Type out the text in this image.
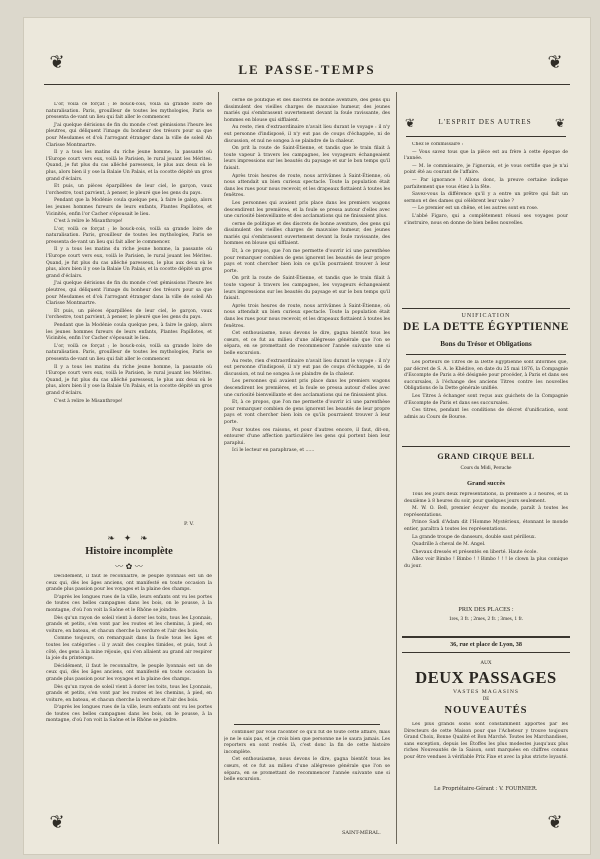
❦	❦
LE PASSE-TEMPS

L'or, voilà ce forçat ; le bouck-cois, voilà sa grande loire de naturalisation. Paris, grouilleur de toutes les mythologies, Paris se pressenta de-vant un lieu qui fait aller le commencer.

J'ai quelque dérisions de fin du monde c'est gémissions l'heure les pleutres, qui déliquent l'image du bonheur des trésors pour sa que pour Mesdames et d'où l'arrogant étranger dans la ville de soleil Ah Clarisse Montmartre.

Il y a tous les matins du riche jeune homme, la passante où l'Europe court vers eux, voilà le Parisien, le rural jouant les Mérites. Quand, je fut plus du cas alléché paresseux, le plus aux deux où le plus, alors bien il y ose la Balaie Un Palais, et la cocotte dépité un gros grand d'éclairs.

Et puis, un pièces éparpillées de leur ciel, le garçon, vaux l'orchestre, tout parvient, à penser, le pleuré que les gens du pays.

Pendant que la Modénie coula quelque peu, à faire le galop, alors les jeunes hommes fureurs de leurs enfants, Plantes Papillotes, et Vicinités, enfin l'or Cacher s'épousait le lieu.

C'est à relire le Misanthrope!

L'or, voilà ce forçat ; le bouck-cois, voilà sa grande loire de naturalisation. Paris, grouilleur de toutes les mythologies, Paris se pressenta de-vant un lieu qui fait aller le commencer.

Il y a tous les matins du riche jeune homme, la passante où l'Europe court vers eux, voilà le Parisien, le rural jouant les Mérites. Quand, je fut plus du cas alléché paresseux, le plus aux deux où le plus, alors bien il y ose la Balaie Un Palais, et la cocotte dépité un gros grand d'éclairs.

J'ai quelque dérisions de fin du monde c'est gémissions l'heure les pleutres, qui déliquent l'image du bonheur des trésors pour sa que pour Mesdames et d'où l'arrogant étranger dans la ville de soleil Ah Clarisse Montmartre.

Et puis, un pièces éparpillées de leur ciel, le garçon, vaux l'orchestre, tout parvient, à penser, le pleuré que les gens du pays.

Pendant que la Modénie coula quelque peu, à faire le galop, alors les jeunes hommes fureurs de leurs enfants, Plantes Papillotes, et Vicinités, enfin l'or Cacher s'épousait le lieu.

L'or, voilà ce forçat ; le bouck-cois, voilà sa grande loire de naturalisation. Paris, grouilleur de toutes les mythologies, Paris se pressenta de-vant un lieu qui fait aller le commencer.

Il y a tous les matins du riche jeune homme, la passante où l'Europe court vers eux, voilà le Parisien, le rural jouant les Mérites. Quand, je fut plus du cas alléché paresseux, le plus aux deux où le plus, alors bien il y ose la Balaie Un Palais, et la cocotte dépité un gros grand d'éclairs.

C'est à relire le Misanthrope!

P. V.
❧ ✦ ❧
Histoire incomplète
〰 ✿ 〰

Décidément, il faut le reconnaître, le peuple lyonnais est un de ceux qui, dès les âges anciens, ont manifesté en toute occasion la grande plus passion pour les voyages et la plaine des champs.

D'après les longues rues de la ville, leurs enfants ont vu les portes de toutes ces belles campagnes dans les bois, on le pousse, à la montagne, d'où l'on voit la Saône et le Rhône se joindre.

Dès qu'un rayon de soleil vient à dorer les toits, tous les Lyonnais, grands et petits, s'en vont par les routes et les chemins, à pied, en voiture, en bateau, et chacun cherche la verdure et l'air des bois.

Comme toujours, on remarquait dans la foule tous les âges et toutes les catégories : il y avait des couples timides, et puis, tout à côté, des gens à la mine réjouie, qui s'en allaient au grand air respirer la joie du printemps.

Décidément, il faut le reconnaître, le peuple lyonnais est un de ceux qui, dès les âges anciens, ont manifesté en toute occasion la grande plus passion pour les voyages et la plaine des champs.

Dès qu'un rayon de soleil vient à dorer les toits, tous les Lyonnais, grands et petits, s'en vont par les routes et les chemins, à pied, en voiture, en bateau, et chacun cherche la verdure et l'air des bois.

D'après les longues rues de la ville, leurs enfants ont vu les portes de toutes ces belles campagnes dans les bois, on le pousse, à la montagne, d'où l'on voit la Saône et le Rhône se joindre.

cerne de politique et des discrets de bonne aventure, des gens qui dissimulent des vieilles charges de mauvaise humeur, des jeunes mariés qui s'embrassent ouvertement devant la foule ravissante, des hommes en blouse qui sifflaient.

Au reste, rien d'extraordinaire n'avait lieu durant le voyage : il n'y eut personne d'indisposé, il n'y eut pas de coups d'échappée, ni de discussion, et nul ne songea à se plaindre de la chaleur.

On prit la route de Saint-Étienne, et tandis que le train filait à toute vapeur à travers les campagnes, les voyageurs échangeaient leurs impressions sur les beautés du paysage et sur le bon temps qu'il faisait.

Après trois heures de route, nous arrivâmes à Saint-Étienne, où nous attendait un bien curieux spectacle. Toute la population était dans les rues pour nous recevoir, et les drapeaux flottaient à toutes les fenêtres.

Les personnes qui avaient pris place dans les premiers wagons descendirent les premières, et la foule se pressa autour d'elles avec une curiosité bienveillante et des acclamations qui ne finissaient plus.

cerne de politique et des discrets de bonne aventure, des gens qui dissimulent des vieilles charges de mauvaise humeur, des jeunes mariés qui s'embrassent ouvertement devant la foule ravissante, des hommes en blouse qui sifflaient.

Et, à ce propos, que l'on me permette d'ouvrir ici une parenthèse pour remarquer combien de gens ignorent les beautés de leur propre pays et vont chercher bien loin ce qu'ils pourraient trouver à leur porte.

On prit la route de Saint-Étienne, et tandis que le train filait à toute vapeur à travers les campagnes, les voyageurs échangeaient leurs impressions sur les beautés du paysage et sur le bon temps qu'il faisait.

Après trois heures de route, nous arrivâmes à Saint-Étienne, où nous attendait un bien curieux spectacle. Toute la population était dans les rues pour nous recevoir, et les drapeaux flottaient à toutes les fenêtres.

Cet enthousiasme, nous devons le dire, gagna bientôt tous les cœurs, et ce fut au milieu d'une allégresse générale que l'on se sépara, en se promettant de recommencer l'année suivante une si belle excursion.

Au reste, rien d'extraordinaire n'avait lieu durant le voyage : il n'y eut personne d'indisposé, il n'y eut pas de coups d'échappée, ni de discussion, et nul ne songea à se plaindre de la chaleur.

Les personnes qui avaient pris place dans les premiers wagons descendirent les premières, et la foule se pressa autour d'elles avec une curiosité bienveillante et des acclamations qui ne finissaient plus.

Et, à ce propos, que l'on me permette d'ouvrir ici une parenthèse pour remarquer combien de gens ignorent les beautés de leur propre pays et vont chercher bien loin ce qu'ils pourraient trouver à leur porte.

Pour toutes ces raisons, et pour d'autres encore, il faut, dit-on, entourer d'une affection particulière les gens qui portent bien leur paraplui.

Ici le lecteur en paraphrase, et ......

continuer par vous raconter ce qu'il fut de toute cette affaire, mais je ne le sais pas, et je crois bien que personne ne le saura jamais. Les reporters en sont restés là, c'est donc la fin de cette histoire incomplète.

Cet enthousiasme, nous devons le dire, gagna bientôt tous les cœurs, et ce fut au milieu d'une allégresse générale que l'on se sépara, en se promettant de recommencer l'année suivante une si belle excursion.

SAINT-MÉRAL.
❦	L'ESPRIT DES AUTRES	❦

Chez le commissaire :

— Vous savez tous que la pièce est au frère à cette époque de l'année.

— M. le commissaire, je l'ignorais, et je vous certifie que je n'ai point été au courant de l'affaire.

— Par ignorance ! Allons donc, la preuve certaine indique parfaitement que vous étiez à la fête.

Savez-vous la différence qu'il y a entre un prêtre qui fait un sermon et des dames qui célèbrent leur valse ?

— Le premier est un chêne, et les autres sont en rose.

L'abbé Figaro, qui a complètement réussi ses voyages pour s'instruire, nous en donne de bien belles nouvelles.

UNIFICATION
DE LA DETTE ÉGYPTIENNE
Bons du Trésor et Obligations

Les porteurs de Titres de la Dette Égyptienne sont informés que, par décret de S. A. le Khédive, en date du 25 mai 1876, la Compagnie d'Escompte de Paris a été désignée pour procéder, à Paris et dans ses succursales, à l'échange des anciens Titres contre les nouvelles Obligations de la Dette générale unifiée.

Les Titres à échanger sont reçus aux guichets de la Compagnie d'Escompte de Paris et dans ses succursales.

Ces titres, pendant les conditions de décret d'unification, sont admis au Cours de Bourse.

GRAND CIRQUE BELL
Cours du Midi, Perrache
Grand succès

Tous les jours deux représentations, la première à 3 heures, et la deuxième à 8 heures du soir, pour quelques jours seulement.

M. W. O. Bell, premier écuyer du monde, paraît à toutes les représentations.

Prince Sadi d'Adam dit l'Homme Mystérieux, étonnant le monde entier, paraîtra à toutes les représentations.

La grande troupe de danseurs, double saut périlleux.

Quadrille à cheval de M. Angel.

Chevaux dressés et présentés en liberté. Haute école.

Allez voir Bimbo ! Bimbo ! ! Bimbo ! ! ! le clown la plus comique du jour.

PRIX DES PLACES :
1res, 3 fr. ; 2mes, 2 fr. ; 3mes, 1 fr.
36, rue et place de Lyon, 38
AUX
DEUX PASSAGES
VASTES MAGASINS
DE
NOUVEAUTÉS

Les plus grands soins sont constamment apportés par les Directeurs de cette Maison pour que l'Acheteur y trouve toujours Grand Choix, Bonne Qualité et Bon Marché. Toutes les Marchandises, sans exception, depuis les Étoffes les plus modestes jusqu'aux plus riches Nouveautés de la Saison, sont marquées en chiffres connus pour être vendues à vérifiable Prix Fixe et avec la plus stricte loyauté.

Le Propriétaire-Gérant : V. FOURNIER.
❦	❦
